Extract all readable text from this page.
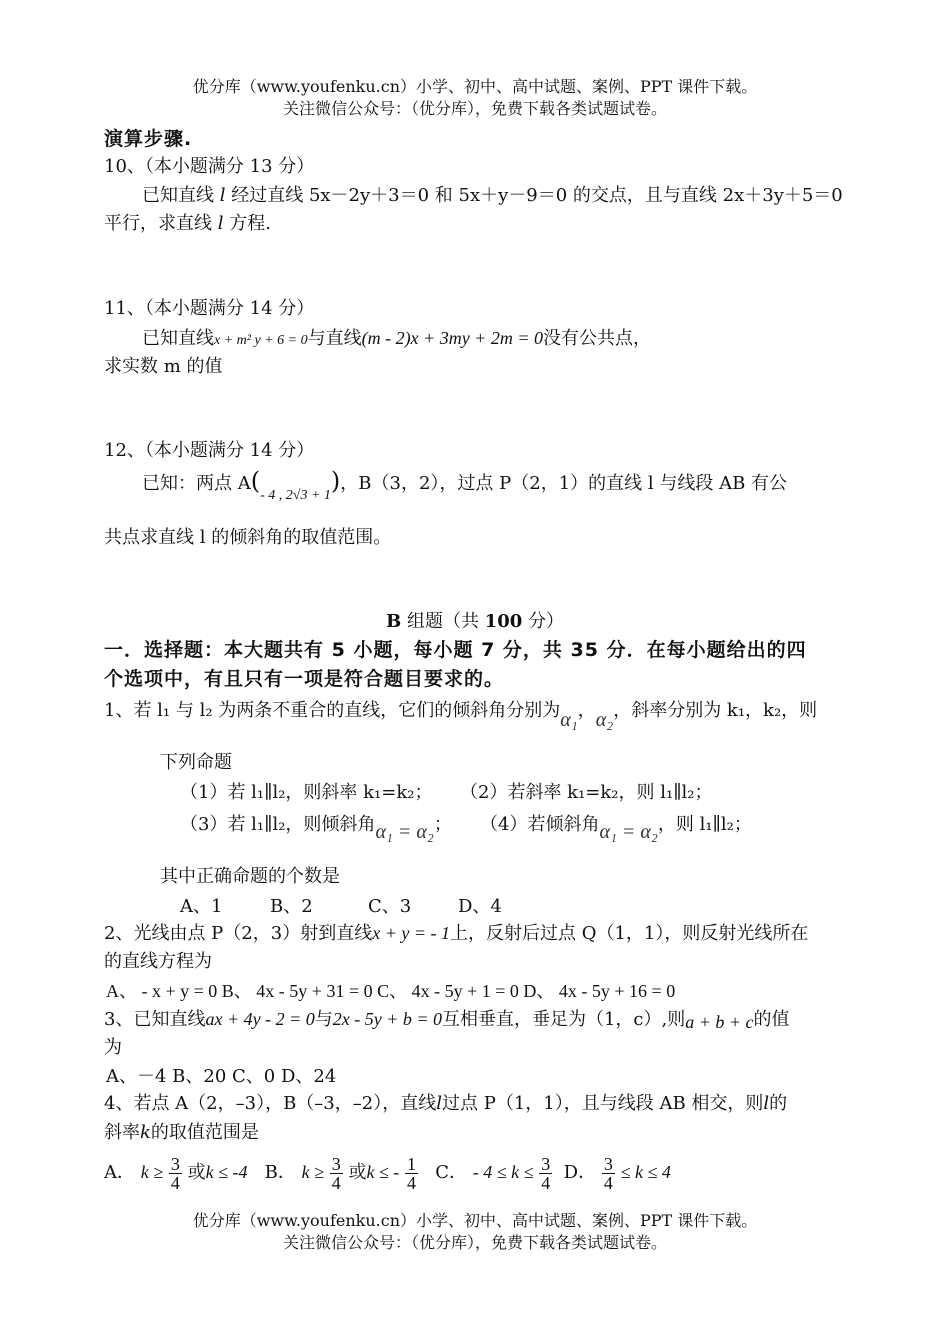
优分库（www.youfenku.cn）小学、初中、高中试题、案例、PPT 课件下载。
关注微信公众号：（优分库），免费下载各类试题试卷。
演算步骤.
10、（本小题满分 13 分）
已知直线 l 经过直线 5x－2y＋3＝0 和 5x＋y－9＝0 的交点，且与直线 2x＋3y＋5＝0
平行，求直线 l 方程.
11、（本小题满分 14 分）
已知直线x + m² y + 6 = 0与直线(m - 2)x + 3my + 2m = 0没有公共点，
求实数 m 的值
12、（本小题满分 14 分）
已知：两点 $A(_{- 4 , 2√3 + 1})$，B（3，2），过点 P（2，1）的直线 l 与线段 AB 有公
共点求直线 l 的倾斜角的取值范围。
B 组题（共 100 分）
一．选择题：本大题共有 5 小题，每小题 7 分，共 35 分．在每小题给出的四
个选项中，有且只有一项是符合题目要求的。
1、若 l₁ 与 l₂ 为两条不重合的直线，它们的倾斜角分别为α₁，α₂，斜率分别为 k₁，k₂，则
下列命题
（1）若 l₁∥l₂，则斜率 k₁=k₂； （2）若斜率 k₁=k₂，则 l₁∥l₂；
（3）若 l₁∥l₂，则倾斜角α₁ = α₂； （4）若倾斜角α₁ = α₂，则 l₁∥l₂；
其中正确命题的个数是
A、1	B、2	C、3	D、4
2、光线由点 P（2，3）射到直线x + y = - 1上，反射后过点 Q（1，1），则反射光线所在
的直线方程为
A、 - x + y = 0 B、 4x - 5y + 31 = 0 C、 4x - 5y + 1 = 0 D、 4x - 5y + 16 = 0
3、已知直线ax + 4y - 2 = 0与2x - 5y + b = 0互相垂直，垂足为（1，c）,则a + b + c的值
为
A、－4 B、20 C、0 D、24
4、若点 A（2，–3），B（–3，–2），直线l过点 P（1，1），且与线段 AB 相交，则l的
斜率k的取值范围是
A． $k \ge \frac{3}{4}$ 或k ≤ -4 B． $k \ge \frac{3}{4}$ 或k ≤ - $\frac{1}{4}$ C． - $4 \le k \le \frac{3}{4}$ D． $\frac{3}{4} \le k \le 4$
优分库（www.youfenku.cn）小学、初中、高中试题、案例、PPT 课件下载。
关注微信公众号：（优分库），免费下载各类试题试卷。
